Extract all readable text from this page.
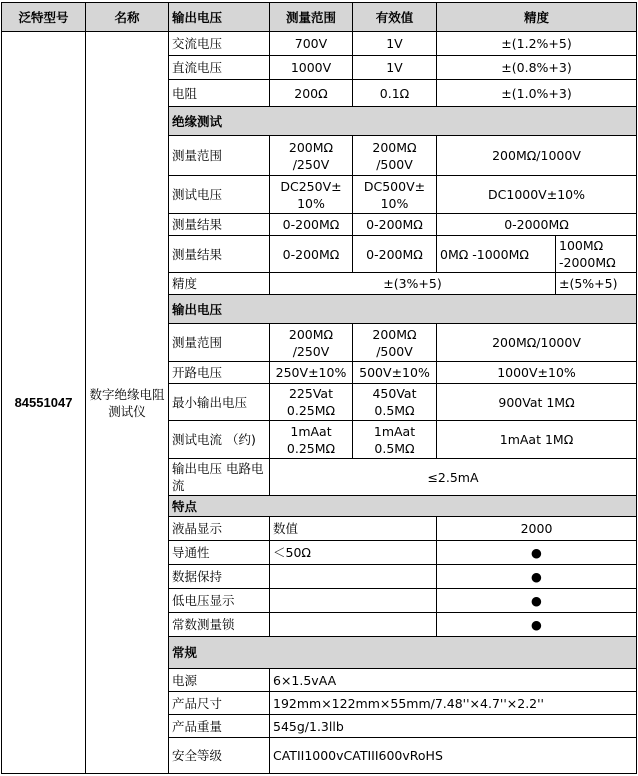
泛特型号	名称	输出电压	测量范围	有效值	精度	
84551047	数字绝缘电阻测试仪	交流电压	700V	1V	±(1.2%+5)	
		直流电压	1000V	1V	±(0.8%+3)	
		电阻	200Ω	0.1Ω	±(1.0%+3)	
		绝缘测试				
		测量范围	200MΩ /250V	200MΩ /500V	200MΩ/1000V	
		测试电压	DC250V± 10%	DC500V± 10%	DC1000V±10%	
		测量结果	0-200MΩ	0-200MΩ	0-2000MΩ	
		测量结果	0-200MΩ	0-200MΩ	0MΩ -1000MΩ	100MΩ -2000MΩ
		精度	±(3%+5)			±(5%+5)
		输出电压				
		测量范围	200MΩ /250V	200MΩ /500V	200MΩ/1000V	
		开路电压	250V±10%	500V±10%	1000V±10%	
		最小输出电压	225Vat 0.25MΩ	450Vat 0.5MΩ	900Vat 1MΩ	
		测试电流 （约)	1mAat 0.25MΩ	1mAat 0.5MΩ	1mAat 1MΩ	
		输出电压 电路电流	≤2.5mA			
		特点				
		液晶显示	数值		2000	
		导通性	＜50Ω		●	
		数据保持			●	
		低电压显示			●	
		常数测量锁			●	
		常规				
		电源	6×1.5vAA			
		产品尺寸	192mm×122mm×55mm/7.48''×4.7''×2.2''			
		产品重量	545g/1.3llb			
		安全等级	CATII1000vCATIII600vRoHS			
